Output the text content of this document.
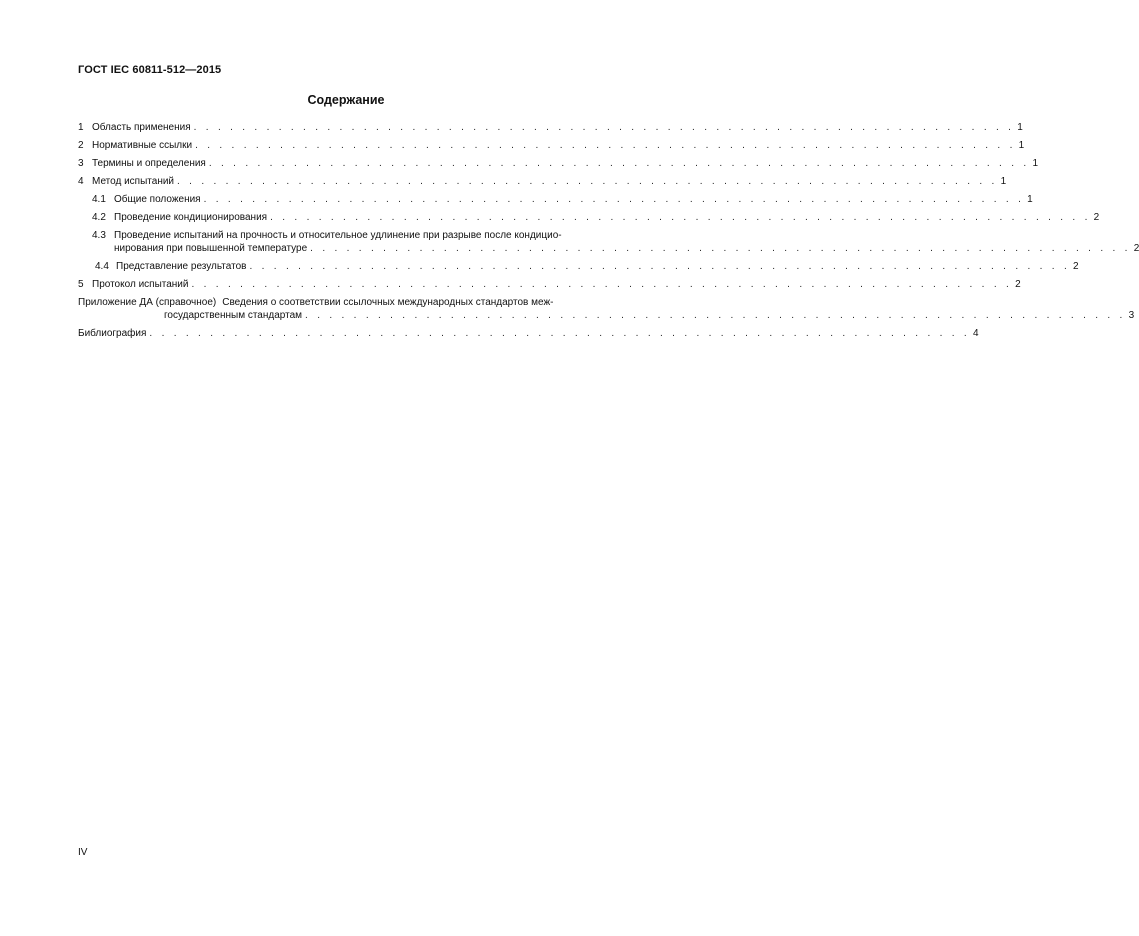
ГОСТ IEC 60811-512—2015
Содержание
1 Область применения . . . . . . . . . . . . . . . . . . . . . . . . . . . . . . . . . . . . . . . . . . . . . . . . . . . . . . . . . . . . . . . . . . . . 1
2 Нормативные ссылки . . . . . . . . . . . . . . . . . . . . . . . . . . . . . . . . . . . . . . . . . . . . . . . . . . . . . . . . . . . . . . . . . . . . 1
3 Термины и определения . . . . . . . . . . . . . . . . . . . . . . . . . . . . . . . . . . . . . . . . . . . . . . . . . . . . . . . . . . . . . . . . . . . . 1
4 Метод испытаний . . . . . . . . . . . . . . . . . . . . . . . . . . . . . . . . . . . . . . . . . . . . . . . . . . . . . . . . . . . . . . . . . . . . 1
4.1 Общие положения . . . . . . . . . . . . . . . . . . . . . . . . . . . . . . . . . . . . . . . . . . . . . . . . . . . . . . . . . . . . . . . . . . . . 1
4.2 Проведение кондиционирования . . . . . . . . . . . . . . . . . . . . . . . . . . . . . . . . . . . . . . . . . . . . . . . . . . . . . . . . . . . . . . . . . . . . 2
4.3 Проведение испытаний на прочность и относительное удлинение при разрыве после кондицио-
нирования при повышенной температуре . . . . . . . . . . . . . . . . . . . . . . . . . . . . . . . . . . . . . . . . . . . . . . . . . . . . . . . . . . . . . . . . . . . . 2
4.4 Представление результатов . . . . . . . . . . . . . . . . . . . . . . . . . . . . . . . . . . . . . . . . . . . . . . . . . . . . . . . . . . . . . . . . . . . . 2
5 Протокол испытаний . . . . . . . . . . . . . . . . . . . . . . . . . . . . . . . . . . . . . . . . . . . . . . . . . . . . . . . . . . . . . . . . . . . . 2
Приложение ДА (справочное) Сведения о соответствии ссылочных международных стандартов меж-
государственным стандартам . . . . . . . . . . . . . . . . . . . . . . . . . . . . . . . . . . . . . . . . . . . . . . . . . . . . . . . . . . . . . . . . . . . . 3
Библиография . . . . . . . . . . . . . . . . . . . . . . . . . . . . . . . . . . . . . . . . . . . . . . . . . . . . . . . . . . . . . . . . . . . . 4
IV
